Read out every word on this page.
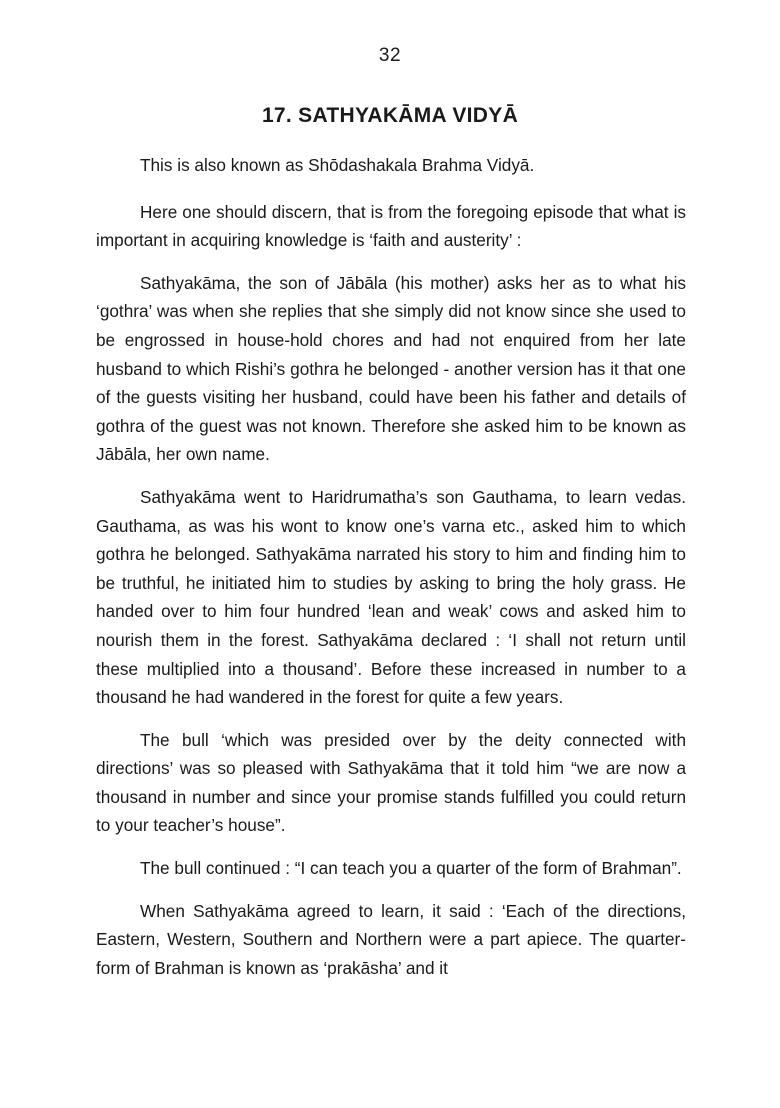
32
17. SATHYAKĀMA VIDYĀ

This is also known as Shōdashakala Brahma Vidyā.

Here one should discern, that is from the foregoing episode that what is important in acquiring knowledge is ‘faith and austerity’ :

Sathyakāma, the son of Jābāla (his mother) asks her as to what his ‘gothra’ was when she replies that she simply did not know since she used to be engrossed in house-hold chores and had not enquired from her late husband to which Rishi’s gothra he belonged - another version has it that one of the guests visiting her husband, could have been his father and details of gothra of the guest was not known. Therefore she asked him to be known as Jābāla, her own name.

Sathyakāma went to Haridrumatha’s son Gauthama, to learn vedas. Gauthama, as was his wont to know one’s varna etc., asked him to which gothra he belonged. Sathyakāma narrated his story to him and finding him to be truthful, he initiated him to studies by asking to bring the holy grass. He handed over to him four hundred ‘lean and weak’ cows and asked him to nourish them in the forest. Sathyakāma declared : ‘I shall not return until these multiplied into a thousand’. Before these increased in number to a thousand he had wandered in the forest for quite a few years.

The bull ‘which was presided over by the deity connected with directions’ was so pleased with Sathyakāma that it told him “we are now a thousand in number and since your promise stands fulfilled you could return to your teacher’s house”.

The bull continued : “I can teach you a quarter of the form of Brahman”.

When Sathyakāma agreed to learn, it said : ‘Each of the directions, Eastern, Western, Southern and Northern were a part apiece. The quarter-form of Brahman is known as ‘prakāsha’ and it
